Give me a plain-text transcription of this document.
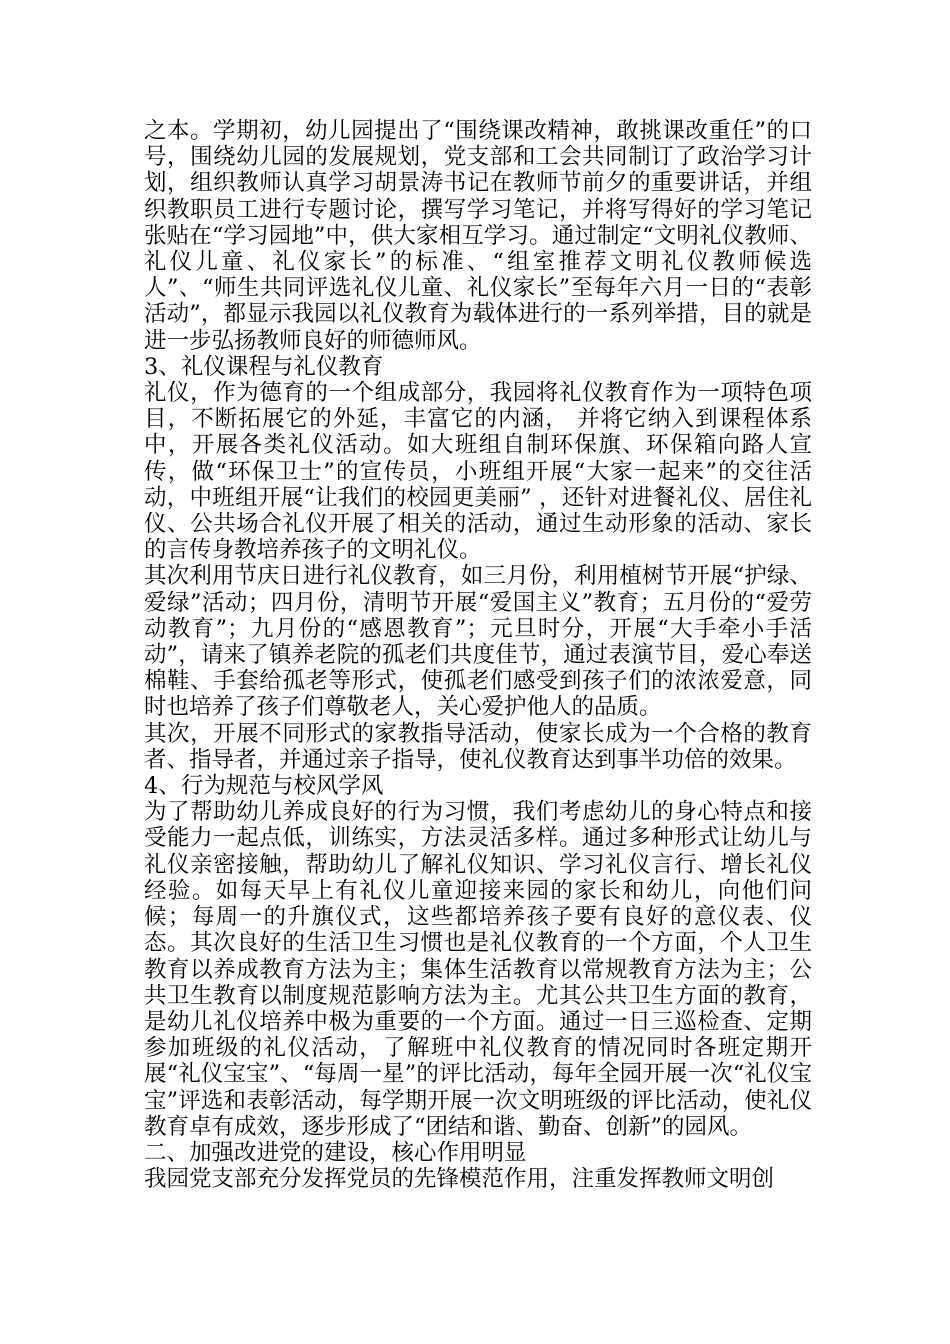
之本。学期初，幼儿园提出了“围绕课改精神，敢挑课改重任”的口号，围绕幼儿园的发展规划，党支部和工会共同制订了政治学习计划，组织教师认真学习胡景涛书记在教师节前夕的重要讲话，并组织教职员工进行专题讨论，撰写学习笔记，并将写得好的学习笔记张贴在“学习园地”中，供大家相互学习。通过制定“文明礼仪教师、礼仪儿童、礼仪家长”的标准、“组室推荐文明礼仪教师候选人”、“师生共同评选礼仪儿童、礼仪家长”至每年六月一日的“表彰活动”，都显示我园以礼仪教育为载体进行的一系列举措，目的就是进一步弘扬教师良好的师德师风。

3、礼仪课程与礼仪教育

礼仪，作为德育的一个组成部分，我园将礼仪教育作为一项特色项目，不断拓展它的外延，丰富它的内涵， 并将它纳入到课程体系中，开展各类礼仪活动。如大班组自制环保旗、环保箱向路人宣传，做“环保卫士”的宣传员，小班组开展“大家一起来”的交往活动，中班组开展“让我们的校园更美丽” ，还针对进餐礼仪、居住礼仪、公共场合礼仪开展了相关的活动，通过生动形象的活动、家长的言传身教培养孩子的文明礼仪。

其次利用节庆日进行礼仪教育，如三月份，利用植树节开展“护绿、爱绿”活动；四月份，清明节开展“爱国主义”教育；五月份的“爱劳动教育”；九月份的“感恩教育”；元旦时分，开展“大手牵小手活动”，请来了镇养老院的孤老们共度佳节，通过表演节目，爱心奉送棉鞋、手套给孤老等形式，使孤老们感受到孩子们的浓浓爱意，同时也培养了孩子们尊敬老人，关心爱护他人的品质。

其次，开展不同形式的家教指导活动，使家长成为一个合格的教育者、指导者，并通过亲子指导，使礼仪教育达到事半功倍的效果。

4、行为规范与校风学风

为了帮助幼儿养成良好的行为习惯，我们考虑幼儿的身心特点和接受能力一起点低，训练实，方法灵活多样。通过多种形式让幼儿与礼仪亲密接触，帮助幼儿了解礼仪知识、学习礼仪言行、增长礼仪经验。如每天早上有礼仪儿童迎接来园的家长和幼儿，向他们问候；每周一的升旗仪式，这些都培养孩子要有良好的意仪表、仪态。其次良好的生活卫生习惯也是礼仪教育的一个方面，个人卫生教育以养成教育方法为主；集体生活教育以常规教育方法为主；公共卫生教育以制度规范影响方法为主。尤其公共卫生方面的教育，是幼儿礼仪培养中极为重要的一个方面。通过一日三巡检查、定期参加班级的礼仪活动，了解班中礼仪教育的情况同时各班定期开展“礼仪宝宝”、“每周一星”的评比活动，每年全园开展一次“礼仪宝宝”评选和表彰活动，每学期开展一次文明班级的评比活动，使礼仪教育卓有成效，逐步形成了“团结和谐、勤奋、创新”的园风。

二、加强改进党的建设，核心作用明显

我园党支部充分发挥党员的先锋模范作用，注重发挥教师文明创
